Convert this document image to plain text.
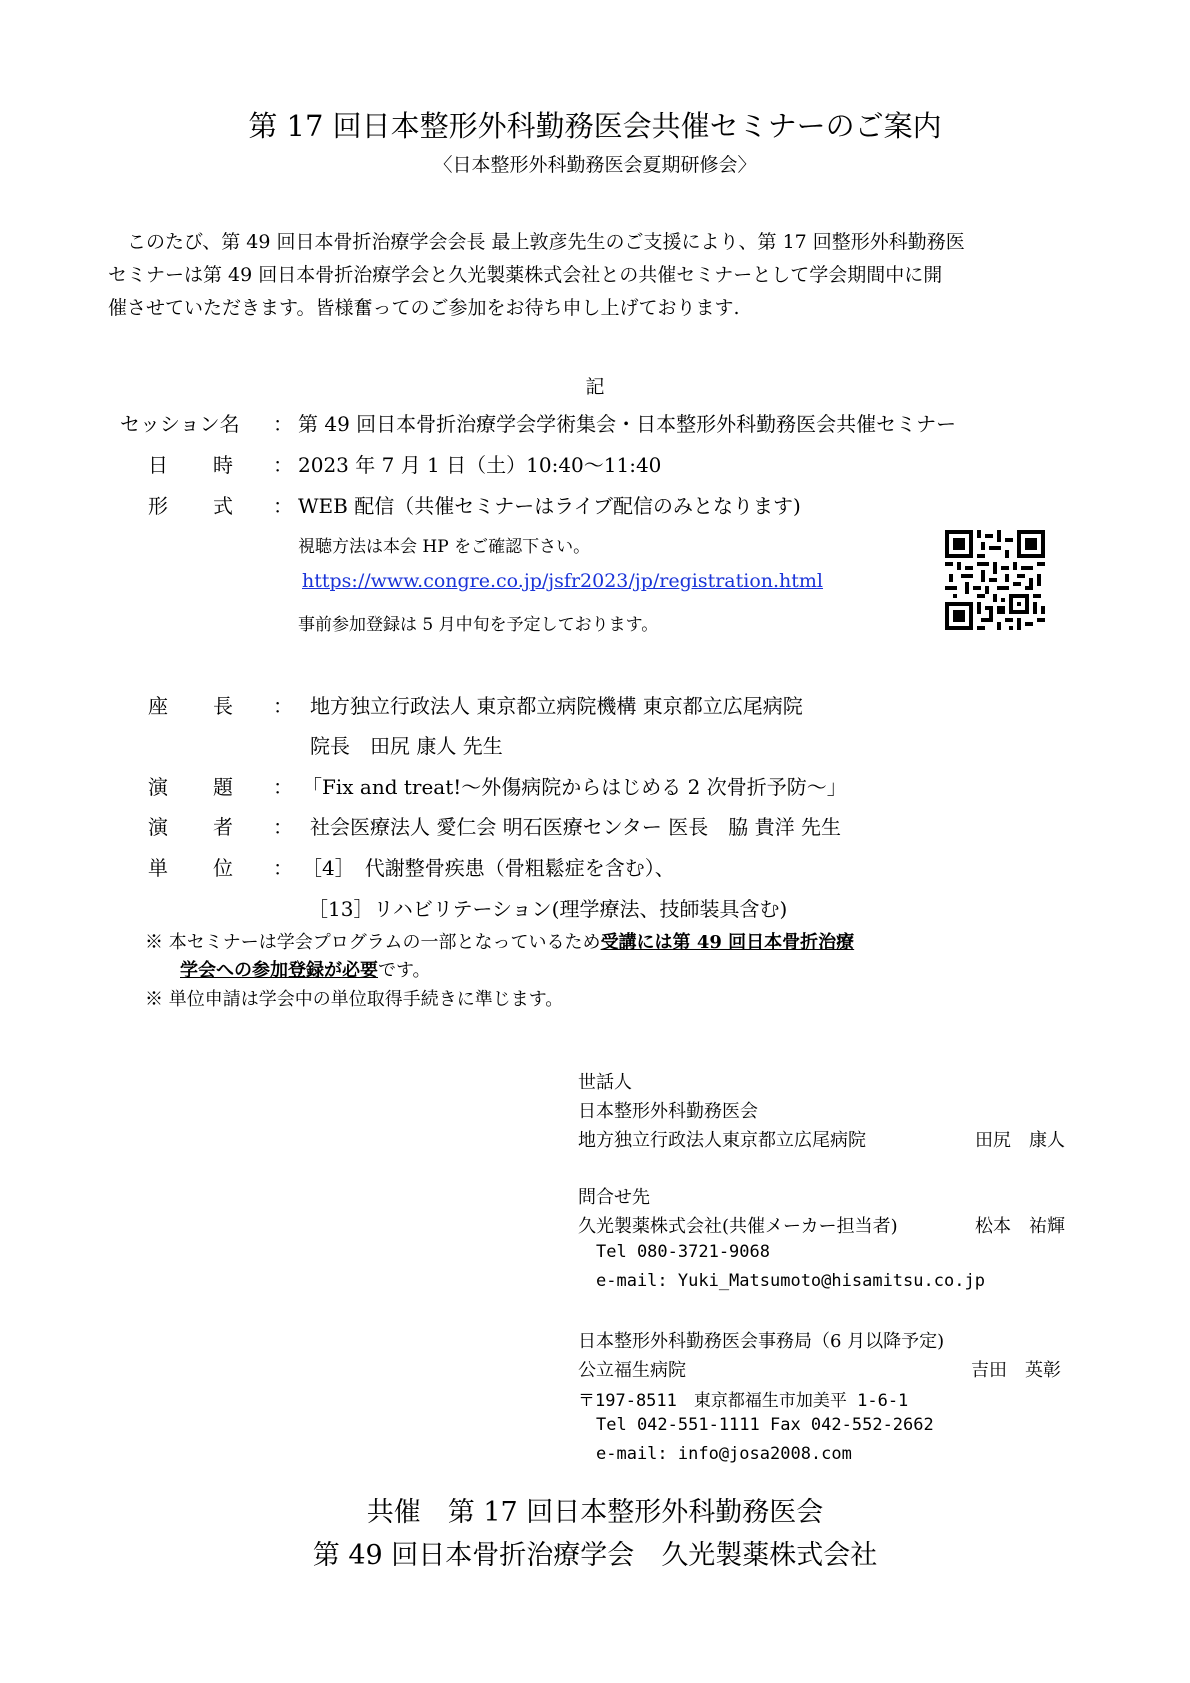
第 17 回日本整形外科勤務医会共催セミナーのご案内
〈日本整形外科勤務医会夏期研修会〉

　このたび、第 49 回日本骨折治療学会会長 最上敦彦先生のご支援により、第 17 回整形外科勤務医

セミナーは第 49 回日本骨折治療学会と久光製薬株式会社との共催セミナーとして学会期間中に開

催させていただきます。皆様奮ってのご参加をお待ち申し上げております.

記
セッション名 ： 第 49 回日本骨折治療学会学術集会・日本整形外科勤務医会共催セミナー
日時： 2023 年 7 月 1 日（土）10:40〜11:40
形式： WEB 配信（共催セミナーはライブ配信のみとなります)
視聴方法は本会 HP をご確認下さい。
https://www.congre.co.jp/jsfr2023/jp/registration.html
事前参加登録は 5 月中旬を予定しております。
座長： 地方独立行政法人 東京都立病院機構 東京都立広尾病院
院長　田尻 康人 先生
演題： 「Fix and treat!〜外傷病院からはじめる 2 次骨折予防〜」
演者： 社会医療法人 愛仁会 明石医療センター 医長　脇 貴洋 先生
単位： ［4］　代謝整骨疾患（骨粗鬆症を含む）、
［13］リハビリテーション(理学療法、技師装具含む)
※ 本セミナーは学会プログラムの一部となっているため受講には第 49 回日本骨折治療
学会への参加登録が必要です。
※ 単位申請は学会中の単位取得手続きに準じます。
世話人
日本整形外科勤務医会
地方独立行政法人東京都立広尾病院	田尻　康人
問合せ先
久光製薬株式会社(共催メーカー担当者)	松本　祐輝
Tel 080-3721-9068
e-mail: Yuki_Matsumoto@hisamitsu.co.jp
日本整形外科勤務医会事務局（6 月以降予定)
公立福生病院	吉田　英彰
〒197-8511　東京都福生市加美平 1-6-1
Tel 042-551-1111 Fax 042-552-2662
e-mail: info@josa2008.com
共催　第 17 回日本整形外科勤務医会
第 49 回日本骨折治療学会　久光製薬株式会社
